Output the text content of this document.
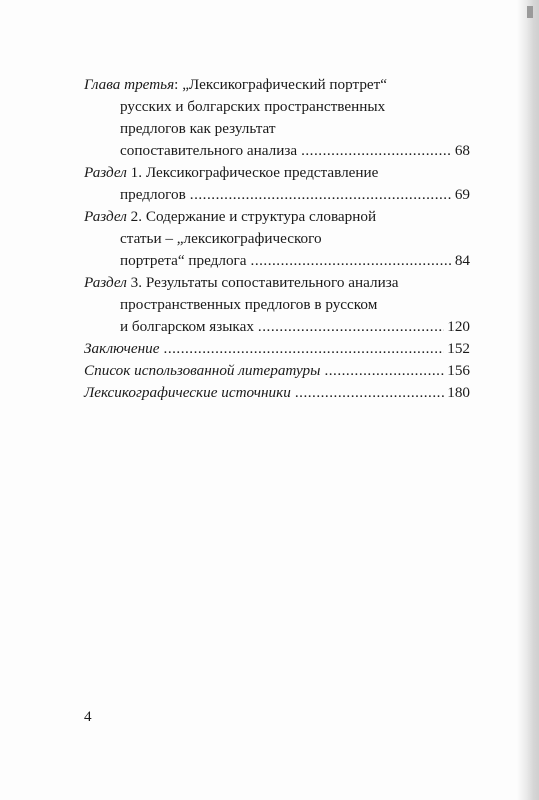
Глава третья: „Лексикографический портрет“
русских и болгарских пространственных
предлогов как результат
сопоставительного анализа .....	68
Раздел 1. Лексикографическое представление
предлогов .....	69
Раздел 2. Содержание и структура словарной
статьи – „лексикографического
портрета“ предлога .....	84
Раздел 3. Результаты сопоставительного анализа
пространственных предлогов в русском
и болгарском языках .....	120
Заключение .....	152
Список использованной литературы .....	156
Лексикографические источники .....	180
4
